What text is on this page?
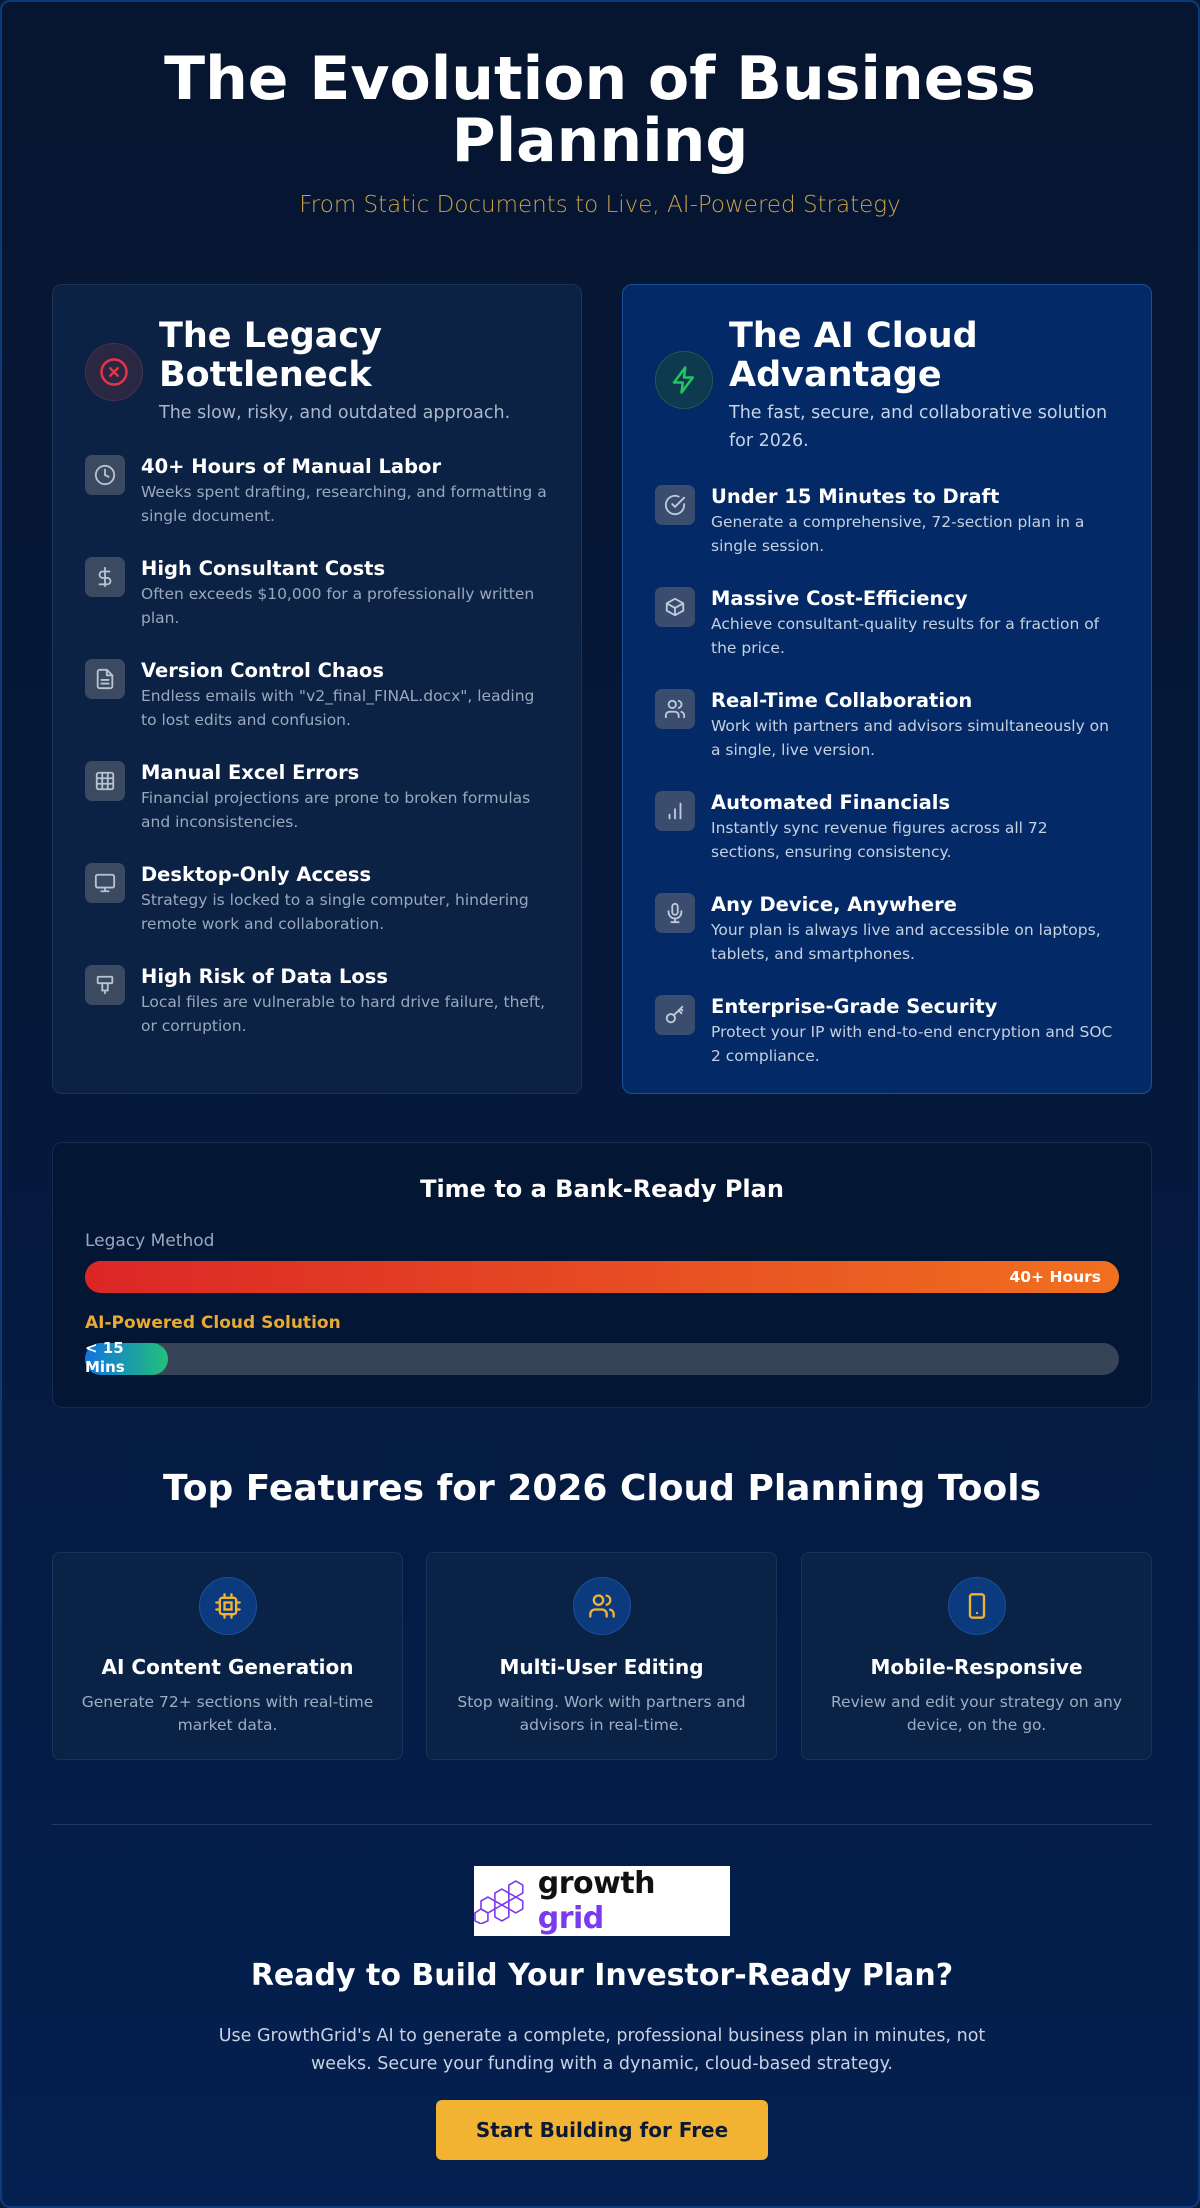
The Evolution of Business Planning
From Static Documents to Live, AI-Powered Strategy
The Legacy Bottleneck
The slow, risky, and outdated approach.
40+ Hours of Manual Labor
Weeks spent drafting, researching, and formatting a single document.
High Consultant Costs
Often exceeds $10,000 for a professionally written plan.
Version Control Chaos
Endless emails with "v2_final_FINAL.docx", leading to lost edits and confusion.
Manual Excel Errors
Financial projections are prone to broken formulas and inconsistencies.
Desktop-Only Access
Strategy is locked to a single computer, hindering remote work and collaboration.
High Risk of Data Loss
Local files are vulnerable to hard drive failure, theft, or corruption.
The AI Cloud Advantage
The fast, secure, and collaborative solution for 2026.
Under 15 Minutes to Draft
Generate a comprehensive, 72-section plan in a single session.
Massive Cost-Efficiency
Achieve consultant-quality results for a fraction of the price.
Real-Time Collaboration
Work with partners and advisors simultaneously on a single, live version.
Automated Financials
Instantly sync revenue figures across all 72 sections, ensuring consistency.
Any Device, Anywhere
Your plan is always live and accessible on laptops, tablets, and smartphones.
Enterprise-Grade Security
Protect your IP with end-to-end encryption and SOC 2 compliance.
Time to a Bank-Ready Plan
Legacy Method
40+ Hours
AI-Powered Cloud Solution
< 15 Mins
Top Features for 2026 Cloud Planning Tools
AI Content Generation
Generate 72+ sections with real-time market data.
Multi-User Editing
Stop waiting. Work with partners and advisors in real-time.
Mobile-Responsive
Review and edit your strategy on any device, on the go.
growth grid
Ready to Build Your Investor-Ready Plan?
Use GrowthGrid's AI to generate a complete, professional business plan in minutes, not weeks. Secure your funding with a dynamic, cloud-based strategy.
Start Building for Free
